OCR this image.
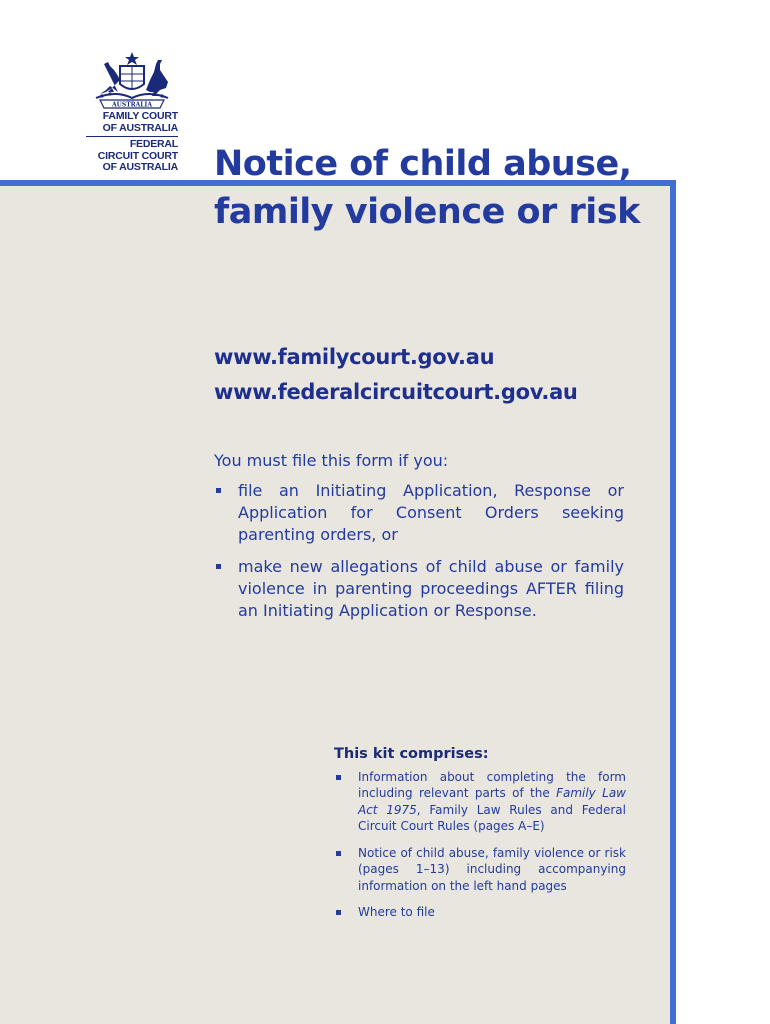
AUSTRALIA
FAMILY COURT
OF AUSTRALIA
FEDERAL
CIRCUIT COURT
OF AUSTRALIA Notice of child abuse,
family violence or risk
www.familycourt.gov.au
www.federalcircuitcourt.gov.au

You must file this form if you:

file an Initiating Application, Response or Application for Consent Orders seeking parenting orders, or
make new allegations of child abuse or family violence in parenting proceedings AFTER filing an Initiating Application or Response.
This kit comprises:
Information about completing the form including relevant parts of the Family Law Act 1975, Family Law Rules and Federal Circuit Court Rules (pages A–E)
Notice of child abuse, family violence or risk (pages 1–13) including accompanying information on the left hand pages
Where to file
